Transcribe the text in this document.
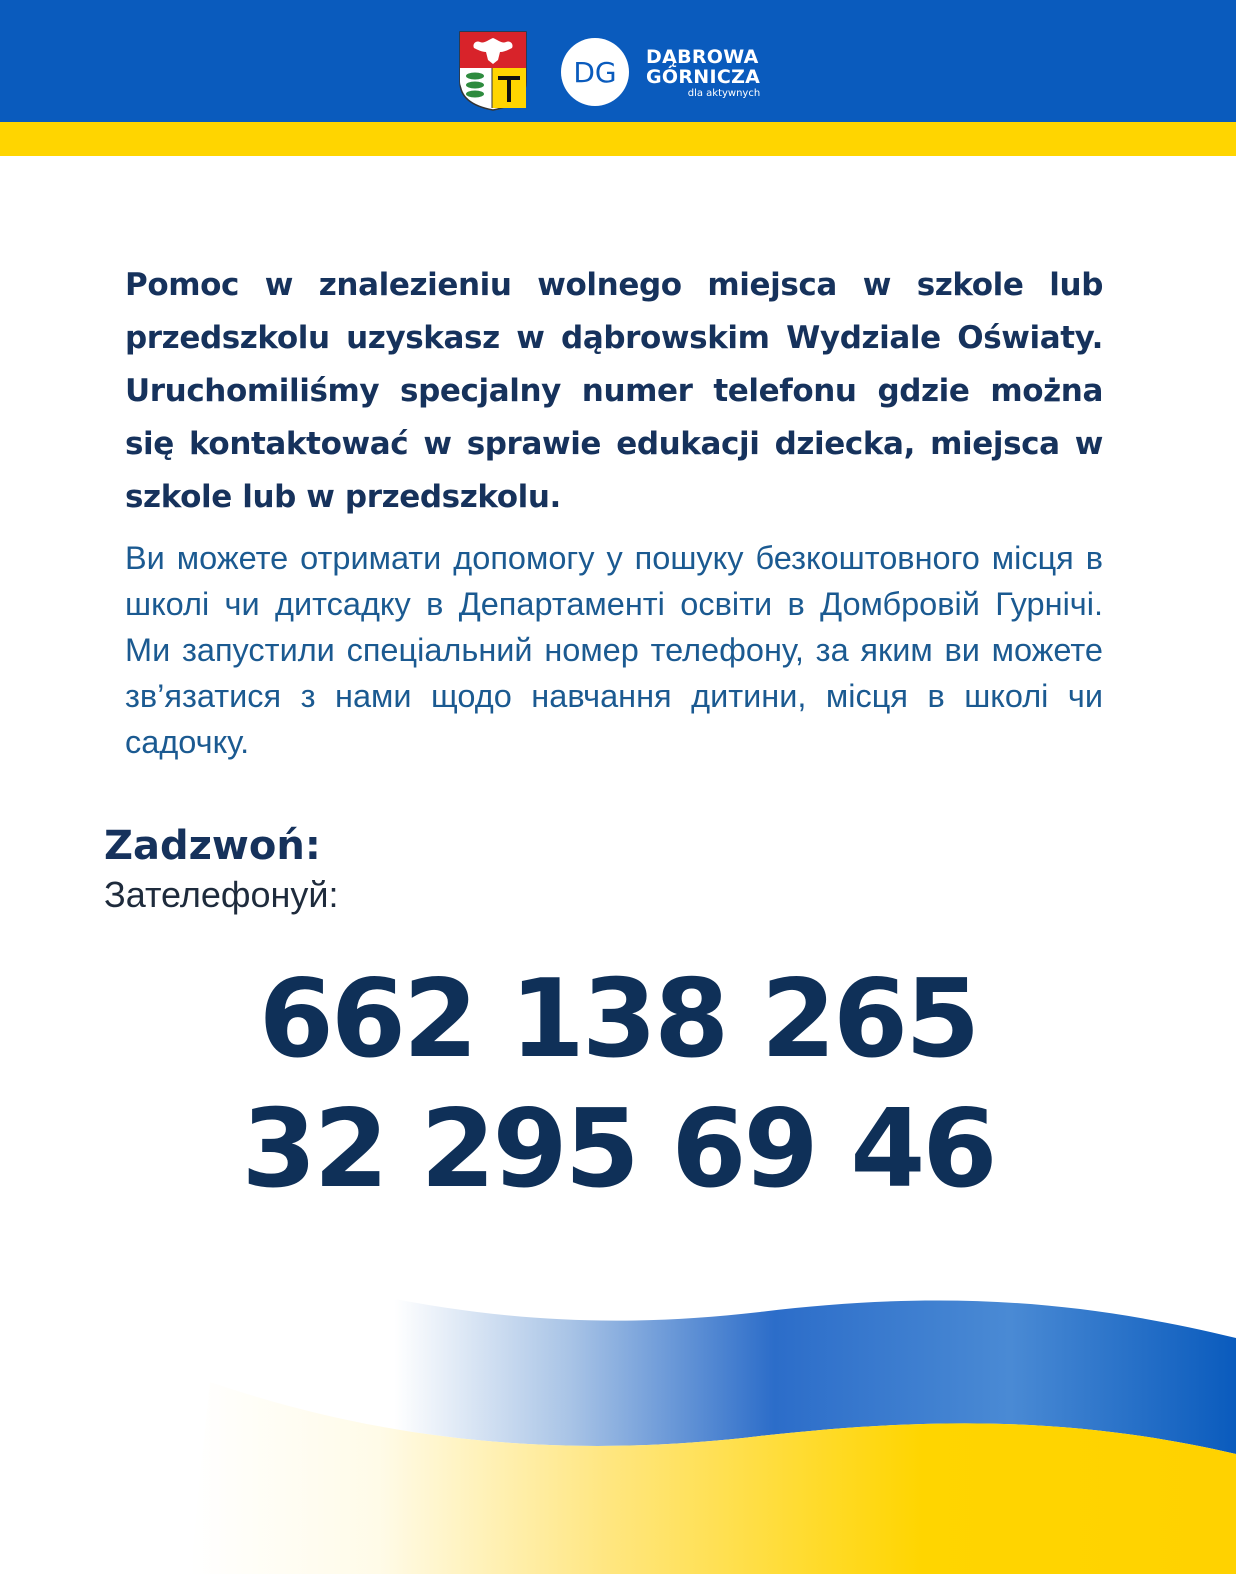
DG DĄBROWA
GÓRNICZA
dla aktywnych

Pomoc w znalezieniu wolnego miejsca w szkole lub przedszkolu uzyskasz w dąbrowskim Wydziale Oświaty. Uruchomiliśmy specjalny numer telefonu gdzie można się kontaktować w sprawie edukacji dziecka, miejsca w szkole lub w przedszkolu.

Ви можете отримати допомогу у пошуку безкоштовного місця в школі чи дитсадку в Департаменті освіти в Домбровій Гурнічі. Ми запустили спеціальний номер телефону, за яким ви можете зв’язатися з нами щодо навчання дитини, місця в школі чи садочку.

Zadzwoń:
Зателефонуй:
662 138 265
32 295 69 46
